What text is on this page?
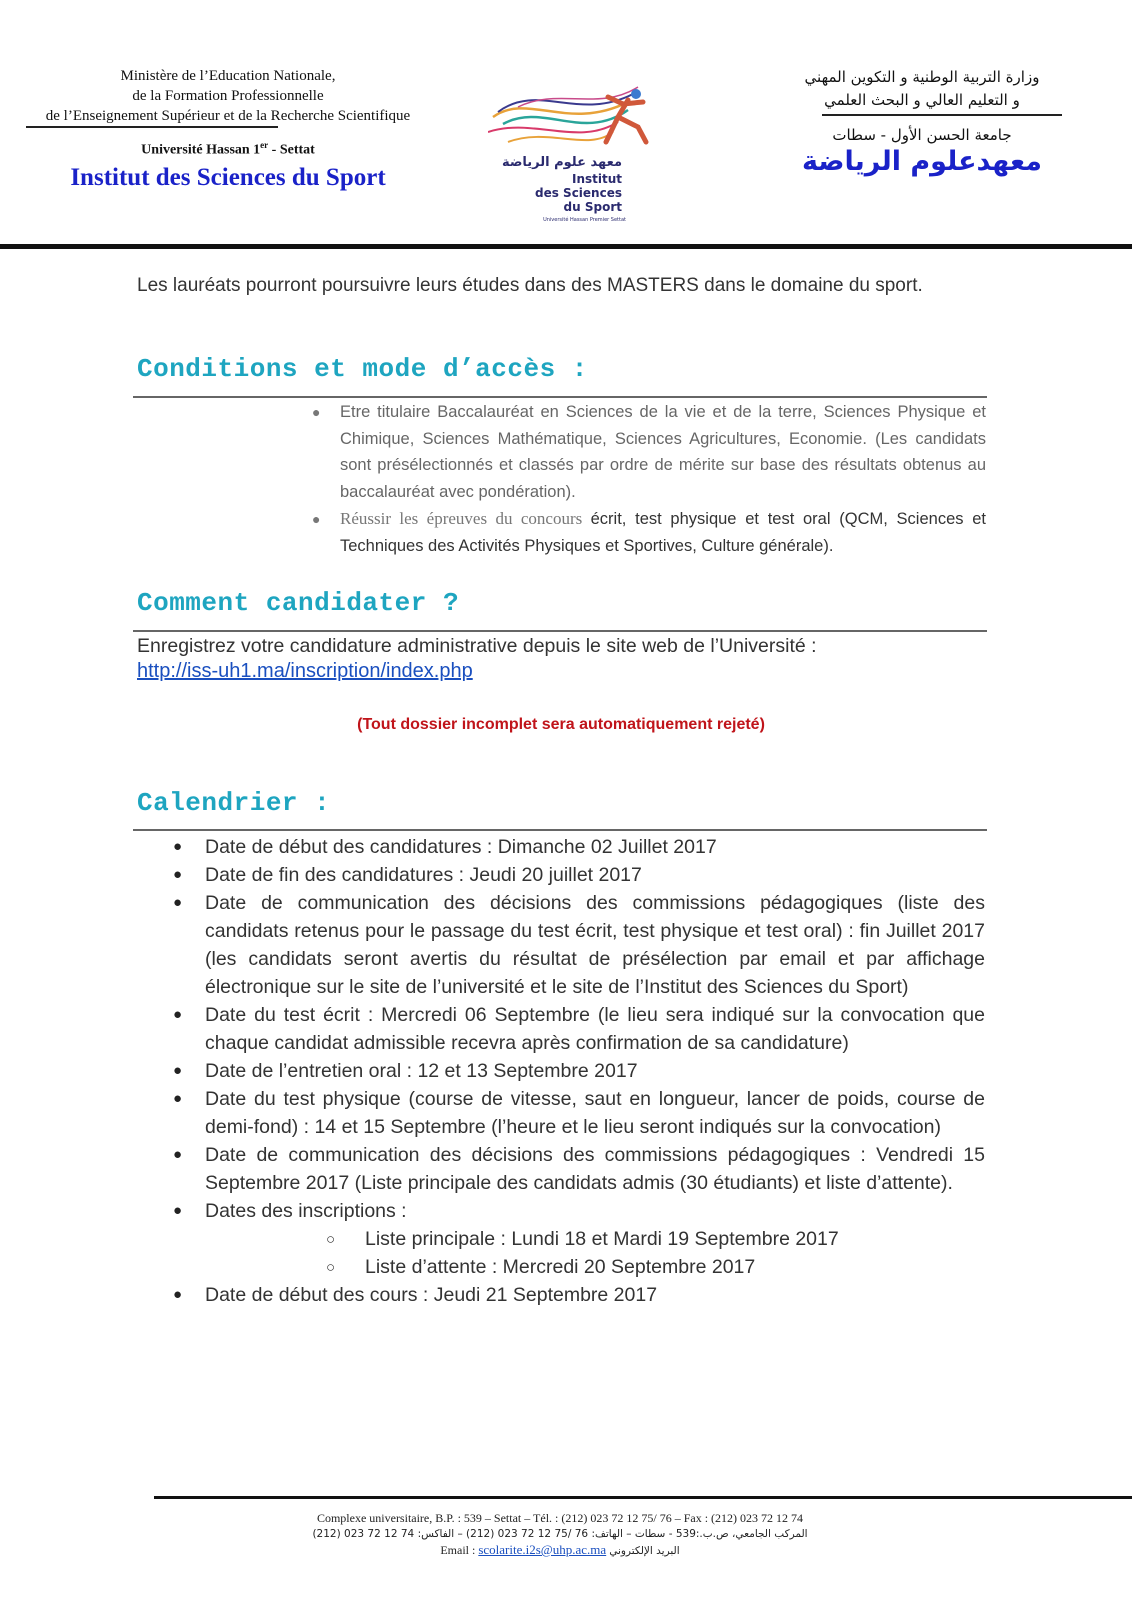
Ministère de l’Education Nationale,
de la Formation Professionnelle
de l’Enseignement Supérieur et de la Recherche Scientifique
Université Hassan 1er - Settat
Institut des Sciences du Sport
معهد علوم الرياضة
Institut
des Sciences
du Sport
Université Hassan Premier Settat
وزارة التربية الوطنية و التكوين المهني
و التعليم العالي و البحث العلمي
جامعة الحسن الأول - سطات
معهدعلوم الرياضة
Les lauréats pourront poursuivre leurs études dans des MASTERS dans le domaine du sport.
Conditions et mode d’accès :
● Etre titulaire Baccalauréat en Sciences de la vie et de la terre, Sciences Physique et Chimique, Sciences Mathématique, Sciences Agricultures, Economie. (Les candidats sont présélectionnés et classés par ordre de mérite sur base des résultats obtenus au baccalauréat avec pondération).
● Réussir les épreuves du concours écrit, test physique et test oral (QCM, Sciences et Techniques des Activités Physiques et Sportives, Culture générale).
Comment candidater ?
Enregistrez votre candidature administrative depuis le site web de l’Université :
http://iss-uh1.ma/inscription/index.php
(Tout dossier incomplet sera automatiquement rejeté)
Calendrier :
● Date de début des candidatures : Dimanche 02 Juillet 2017
● Date de fin des candidatures : Jeudi 20 juillet 2017
● Date de communication des décisions des commissions pédagogiques (liste des candidats retenus pour le passage du test écrit, test physique et test oral) : fin Juillet 2017 (les candidats seront avertis du résultat de présélection par email et par affichage électronique sur le site de l’université et le site de l’Institut des Sciences du Sport)
● Date du test écrit : Mercredi 06 Septembre (le lieu sera indiqué sur la convocation que chaque candidat admissible recevra après confirmation de sa candidature)
● Date de l’entretien oral : 12 et 13 Septembre 2017
● Date du test physique (course de vitesse, saut en longueur, lancer de poids, course de demi-fond) : 14 et 15 Septembre (l’heure et le lieu seront indiqués sur la convocation)
● Date de communication des décisions des commissions pédagogiques : Vendredi 15 Septembre 2017 (Liste principale des candidats admis (30 étudiants) et liste d’attente).
● Dates des inscriptions :
○ Liste principale : Lundi 18 et Mardi 19 Septembre 2017
○ Liste d’attente : Mercredi 20 Septembre 2017
● Date de début des cours : Jeudi 21 Septembre 2017
Complexe universitaire, B.P. : 539 – Settat – Tél. : (212) 023 72 12 75/ 76 – Fax : (212) 023 72 12 74
المركب الجامعي، ص.ب.:539 - سطات – الهاتف: 76 /75 12 72 023 (212) – الفاكس: 74 12 72 023 (212)
Email : scolarite.i2s@uhp.ac.ma البريد الإلكتروني
